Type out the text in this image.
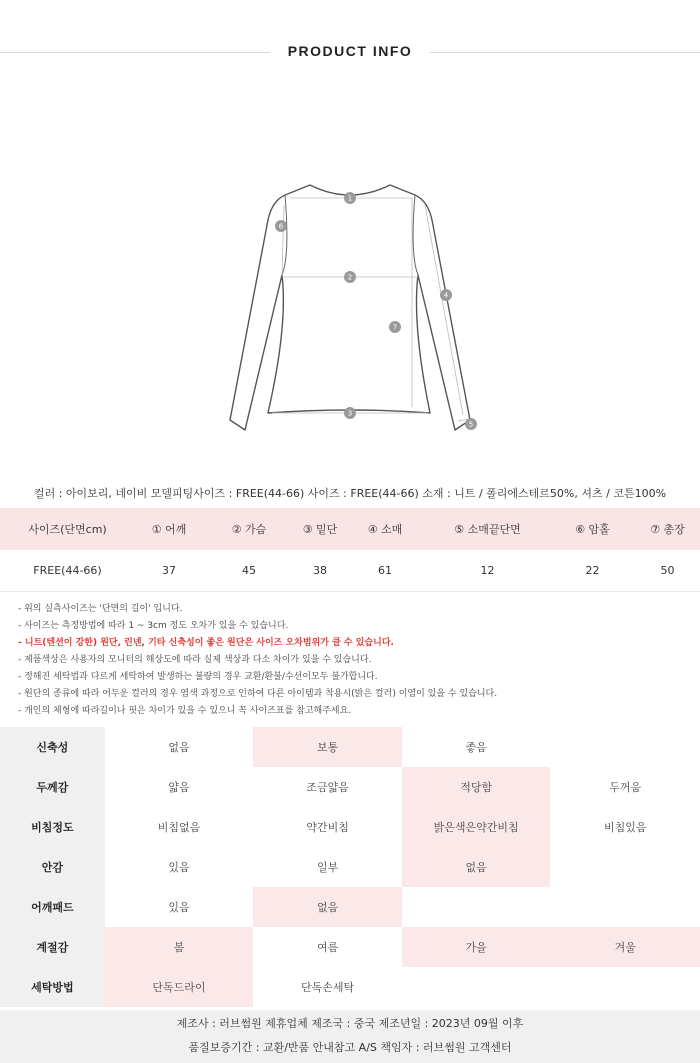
PRODUCT INFO
1
2
3
4
5
6
7
컬러 : 아이보리, 네이비 모델피팅사이즈 : FREE(44-66) 사이즈 : FREE(44-66) 소재 : 니트 / 폴리에스테르50%, 셔츠 / 코튼100%
사이즈(단면cm)	① 어깨	② 가슴	③ 밑단	④ 소매	⑤ 소매끝단면	⑥ 암홀	⑦ 총장
FREE(44-66)	37	45	38	61	12	22	50
- 위의 실측사이즈는 '단면의 길이' 입니다.
- 사이즈는 측정방법에 따라 1 ~ 3cm 정도 오차가 있을 수 있습니다.
- 니트(텐션이 강한) 원단, 린넨, 기타 신축성이 좋은 원단은 사이즈 오차범위가 클 수 있습니다.
- 제품색상은 사용자의 모니터의 해상도에 따라 실제 색상과 다소 차이가 있을 수 있습니다.
- 정해진 세탁법과 다르게 세탁하여 발생하는 불량의 경우 교환/환불/수선이모두 불가합니다.
- 원단의 종류에 따라 어두운 컬러의 경우 염색 과정으로 인하여 다른 아이템과 착용시(밝은 컬러) 이염이 있을 수 있습니다.
- 개인의 체형에 따라길이나 핏은 차이가 있을 수 있으니 꼭 사이즈표를 참고해주세요.
신축성	없음	보통	좋음
두께감	얇음	조금얇음	적당함	두꺼움
비침정도	비침없음	약간비침	밝은색은약간비침	비침있음
안감	있음	일부	없음
어깨패드	있음	없음
계절감	봄	여름	가을	겨울
세탁방법	단독드라이	단독손세탁
제조사 : 러브썸원 제휴업체 제조국 : 중국 제조년일 : 2023년 09월 이후
품질보증기간 : 교환/반품 안내참고 A/S 책임자 : 러브썸원 고객센터
